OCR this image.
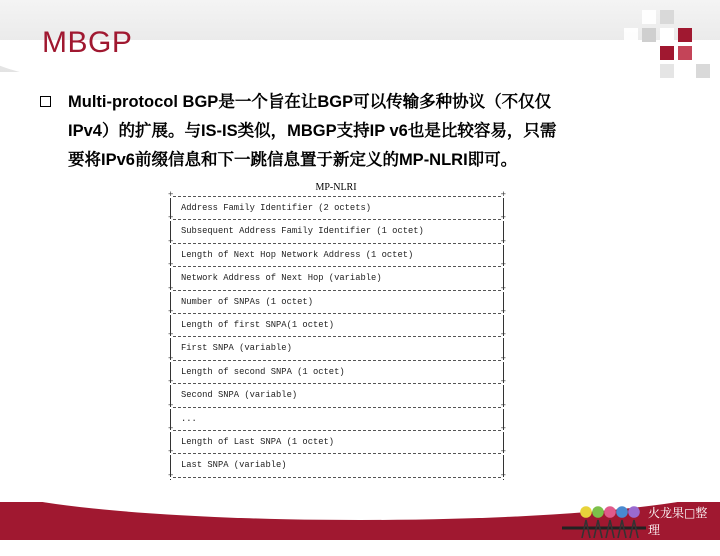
MBGP
Multi-protocol BGP是一个旨在让BGP可以传输多种协议（不仅仅
IPv4）的扩展。与IS-IS类似，MBGP支持IP v6也是比较容易，只需
要将IPv6前缀信息和下一跳信息置于新定义的MP-NLRI即可。
MP-NLRI
+ +
Address Family Identifier (2 octets)
+ +
Subsequent Address Family Identifier (1 octet)
+ +
Length of Next Hop Network Address (1 octet)
+ +
Network Address of Next Hop (variable)
+ +
Number of SNPAs (1 octet)
+ +
Length of first SNPA(1 octet)
+ +
First SNPA (variable)
+ +
Length of second SNPA (1 octet)
+ +
Second SNPA (variable)
+ +
...
+ +
Length of Last SNPA (1 octet)
+ +
Last SNPA (variable)
+ +
+ +
火龙果□整理
uml.org.cn
